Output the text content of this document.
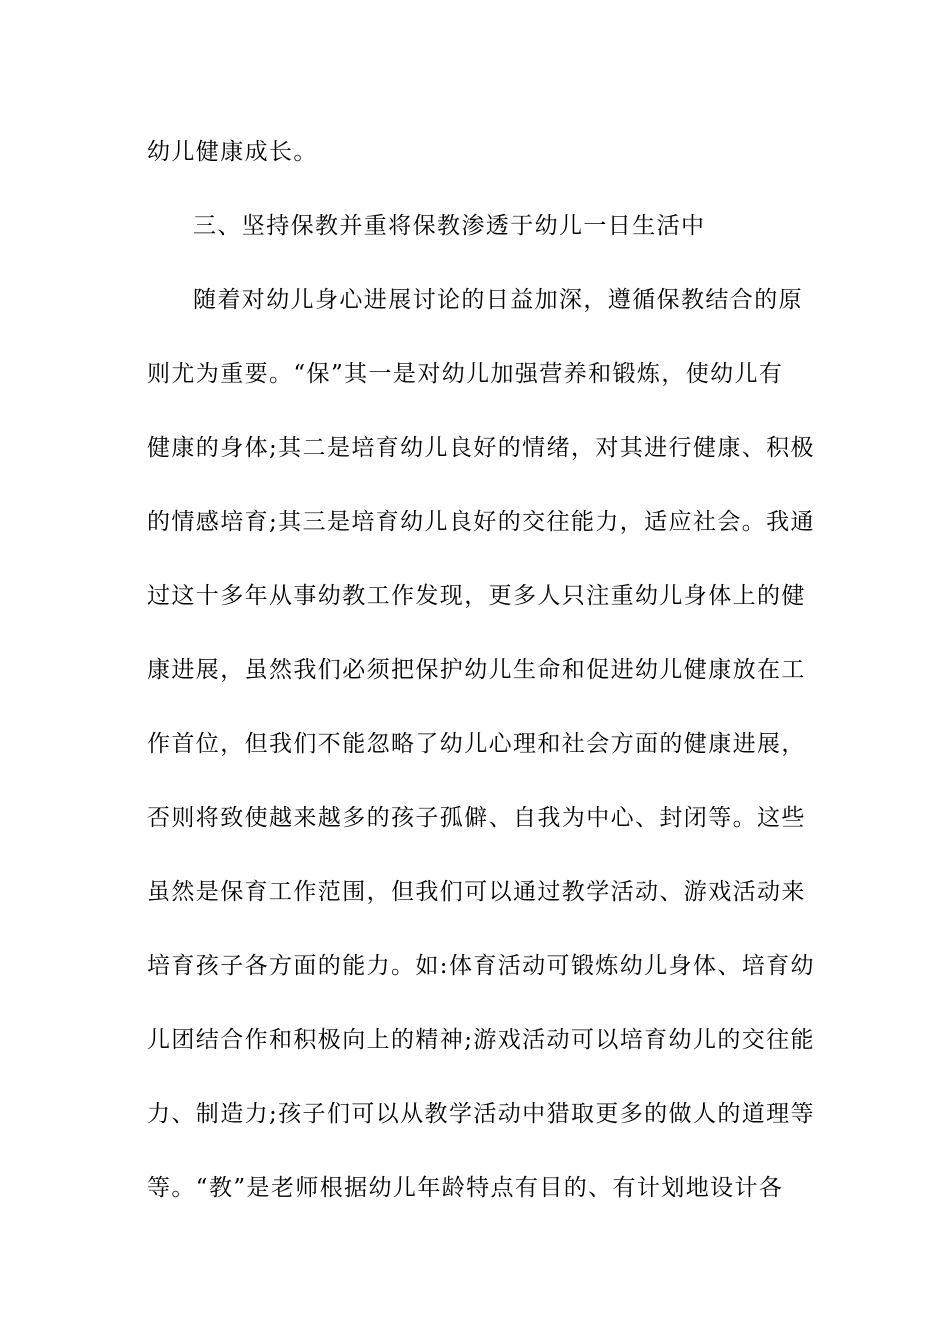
幼儿健康成长。

三、坚持保教并重将保教渗透于幼儿一日生活中

随着对幼儿身心进展讨论的日益加深，遵循保教结合的原

则尤为重要。“保”其一是对幼儿加强营养和锻炼，使幼儿有

健康的身体;其二是培育幼儿良好的情绪，对其进行健康、积极

的情感培育;其三是培育幼儿良好的交往能力，适应社会。我通

过这十多年从事幼教工作发现，更多人只注重幼儿身体上的健

康进展，虽然我们必须把保护幼儿生命和促进幼儿健康放在工

作首位，但我们不能忽略了幼儿心理和社会方面的健康进展，

否则将致使越来越多的孩子孤僻、自我为中心、封闭等。这些

虽然是保育工作范围，但我们可以通过教学活动、游戏活动来

培育孩子各方面的能力。如:体育活动可锻炼幼儿身体、培育幼

儿团结合作和积极向上的精神;游戏活动可以培育幼儿的交往能

力、制造力;孩子们可以从教学活动中猎取更多的做人的道理等

等。“教”是老师根据幼儿年龄特点有目的、有计划地设计各
